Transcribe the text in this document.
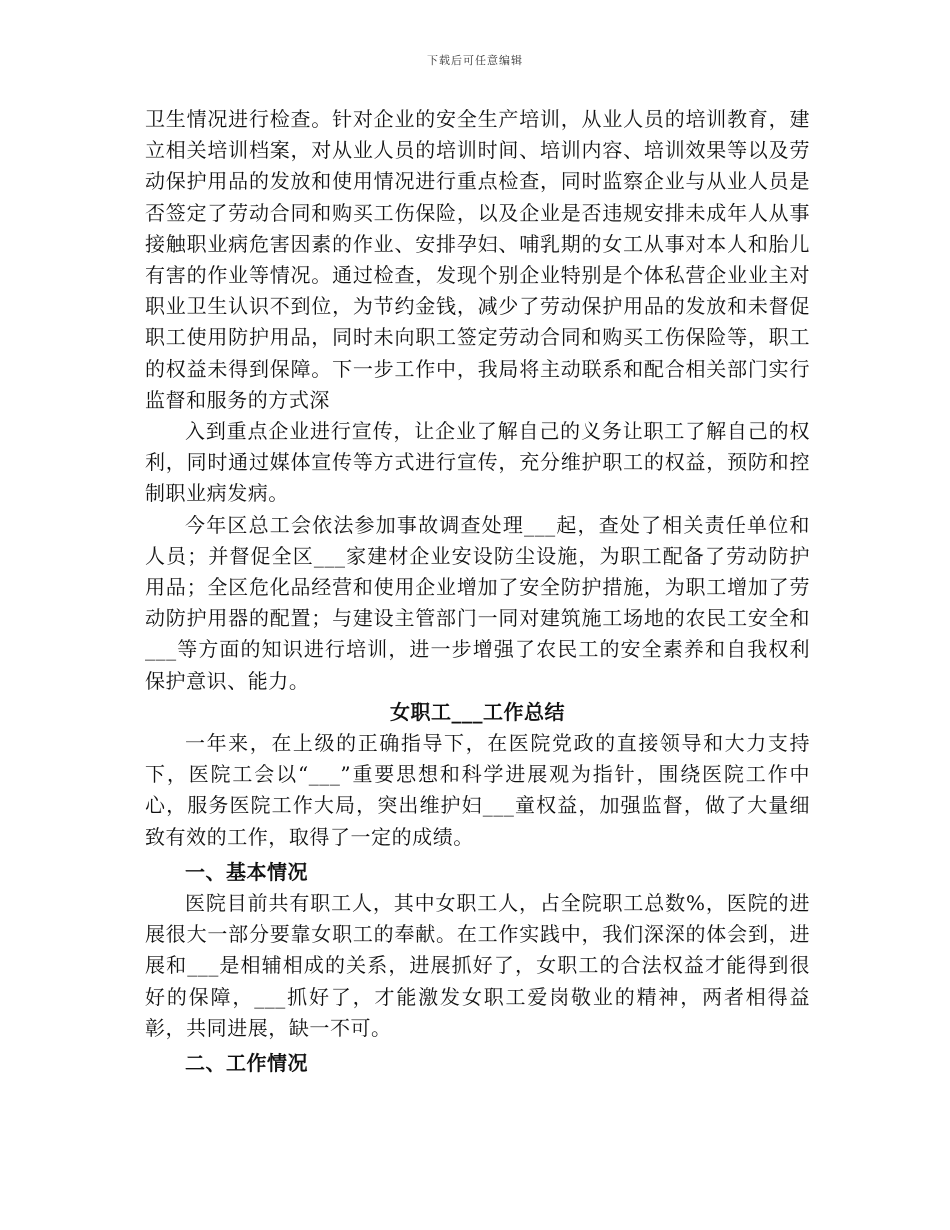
下载后可任意编辑

卫生情况进行检查。针对企业的安全生产培训，从业人员的培训教育，建立相关培训档案，对从业人员的培训时间、培训内容、培训效果等以及劳动保护用品的发放和使用情况进行重点检查，同时监察企业与从业人员是否签定了劳动合同和购买工伤保险，以及企业是否违规安排未成年人从事接触职业病危害因素的作业、安排孕妇、哺乳期的女工从事对本人和胎儿有害的作业等情况。通过检查，发现个别企业特别是个体私营企业业主对职业卫生认识不到位，为节约金钱，减少了劳动保护用品的发放和未督促职工使用防护用品，同时未向职工签定劳动合同和购买工伤保险等，职工的权益未得到保障。下一步工作中，我局将主动联系和配合相关部门实行监督和服务的方式深

入到重点企业进行宣传，让企业了解自己的义务让职工了解自己的权利，同时通过媒体宣传等方式进行宣传，充分维护职工的权益，预防和控制职业病发病。

今年区总工会依法参加事故调查处理___起，查处了相关责任单位和人员；并督促全区___家建材企业安设防尘设施，为职工配备了劳动防护用品；全区危化品经营和使用企业增加了安全防护措施，为职工增加了劳动防护用器的配置；与建设主管部门一同对建筑施工场地的农民工安全和___等方面的知识进行培训，进一步增强了农民工的安全素养和自我权利保护意识、能力。

女职工___工作总结

一年来，在上级的正确指导下，在医院党政的直接领导和大力支持下，医院工会以“___”重要思想和科学进展观为指针，围绕医院工作中心，服务医院工作大局，突出维护妇___童权益，加强监督，做了大量细致有效的工作，取得了一定的成绩。

一、基本情况

医院目前共有职工人，其中女职工人，占全院职工总数%，医院的进展很大一部分要靠女职工的奉献。在工作实践中，我们深深的体会到，进展和___是相辅相成的关系，进展抓好了，女职工的合法权益才能得到很好的保障，___抓好了，才能激发女职工爱岗敬业的精神，两者相得益彰，共同进展，缺一不可。

二、工作情况
